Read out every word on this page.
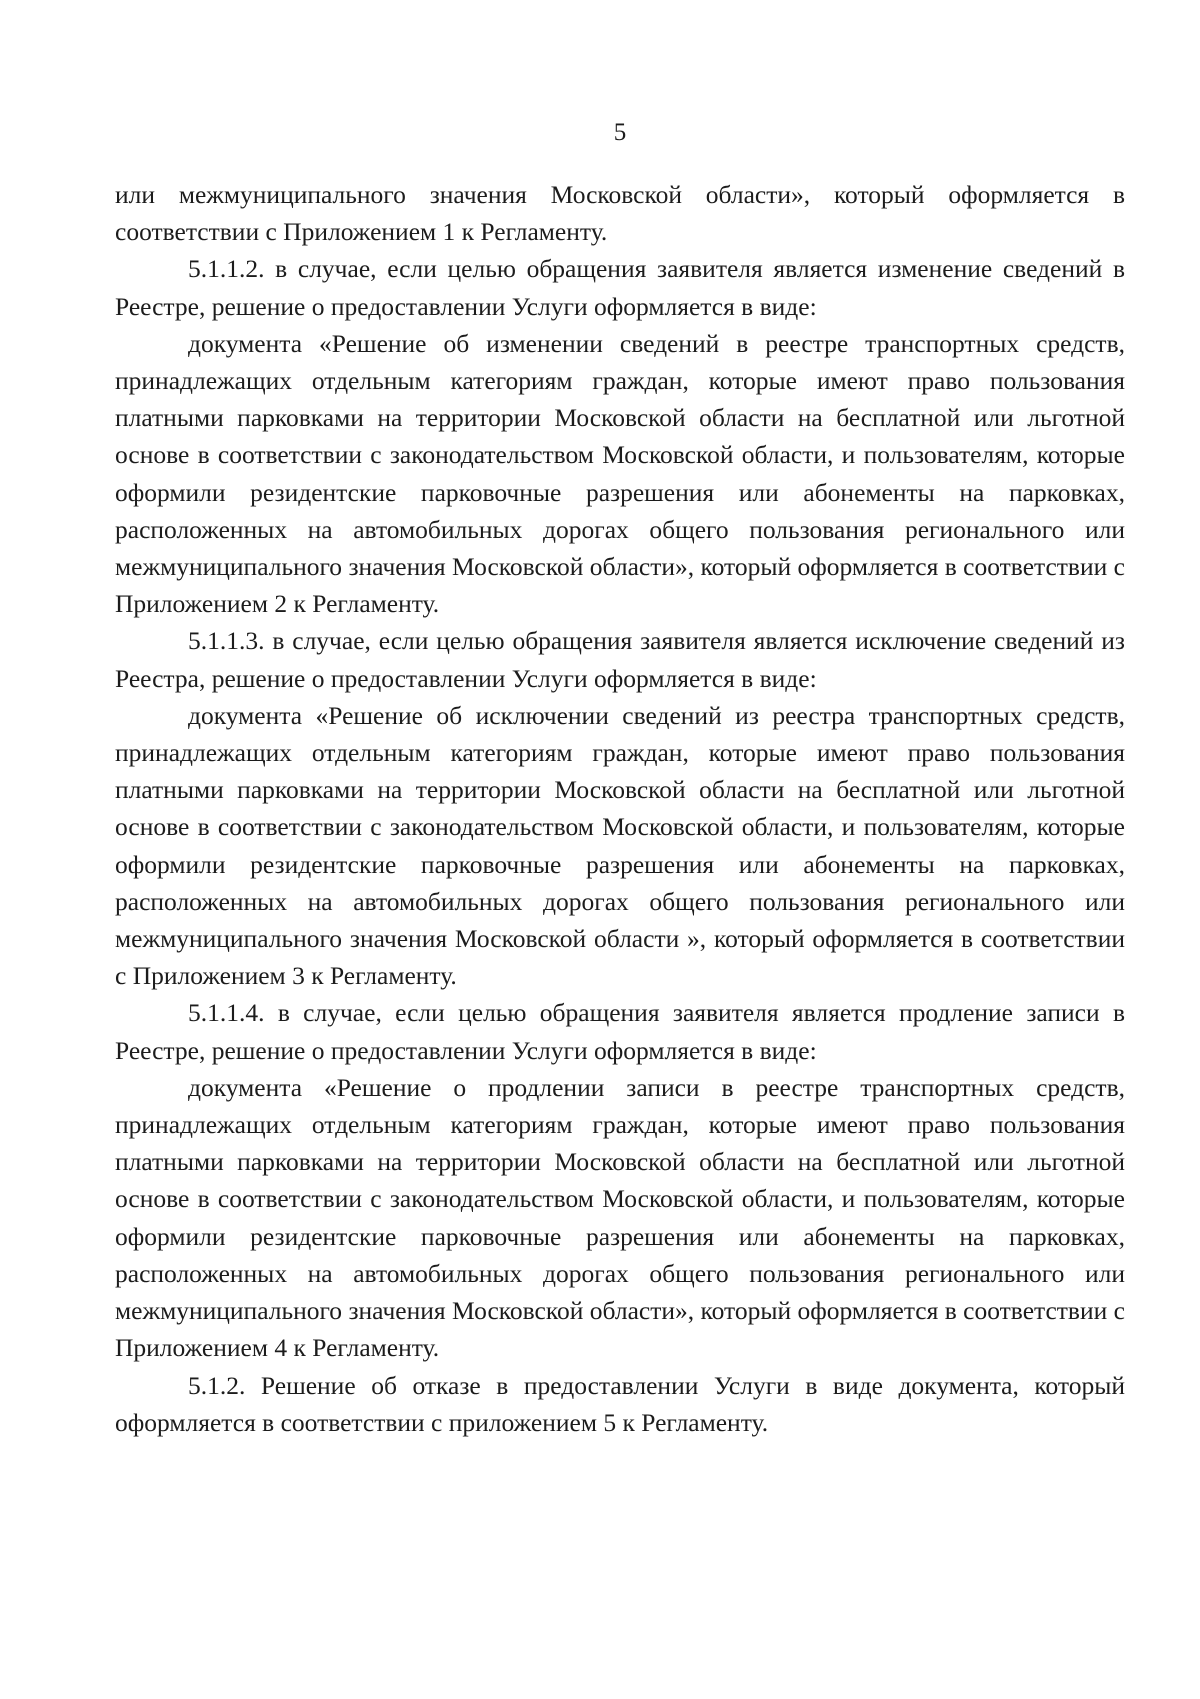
5

или межмуниципального значения Московской области», который оформляется в соответствии с Приложением 1 к Регламенту.

5.1.1.2. в случае, если целью обращения заявителя является изменение сведений в Реестре, решение о предоставлении Услуги оформляется в виде:

документа «Решение об изменении сведений в реестре транспортных средств, принадлежащих отдельным категориям граждан, которые имеют право пользования платными парковками на территории Московской области на бесплатной или льготной основе в соответствии с законодательством Московской области, и пользователям, которые оформили резидентские парковочные разрешения или абонементы на парковках, расположенных на автомобильных дорогах общего пользования регионального или межмуниципального значения Московской области», который оформляется в соответствии с Приложением 2 к Регламенту.

5.1.1.3. в случае, если целью обращения заявителя является исключение сведений из Реестра, решение о предоставлении Услуги оформляется в виде:

документа «Решение об исключении сведений из реестра транспортных средств, принадлежащих отдельным категориям граждан, которые имеют право пользования платными парковками на территории Московской области на бесплатной или льготной основе в соответствии с законодательством Московской области, и пользователям, которые оформили резидентские парковочные разрешения или абонементы на парковках, расположенных на автомобильных дорогах общего пользования регионального или межмуниципального значения Московской области », который оформляется в соответствии с Приложением 3 к Регламенту.

5.1.1.4. в случае, если целью обращения заявителя является продление записи в Реестре, решение о предоставлении Услуги оформляется в виде:

документа «Решение о продлении записи в реестре транспортных средств, принадлежащих отдельным категориям граждан, которые имеют право пользования платными парковками на территории Московской области на бесплатной или льготной основе в соответствии с законодательством Московской области, и пользователям, которые оформили резидентские парковочные разрешения или абонементы на парковках, расположенных на автомобильных дорогах общего пользования регионального или межмуниципального значения Московской области», который оформляется в соответствии с Приложением 4 к Регламенту.

5.1.2. Решение об отказе в предоставлении Услуги в виде документа, который оформляется в соответствии с приложением 5 к Регламенту.
